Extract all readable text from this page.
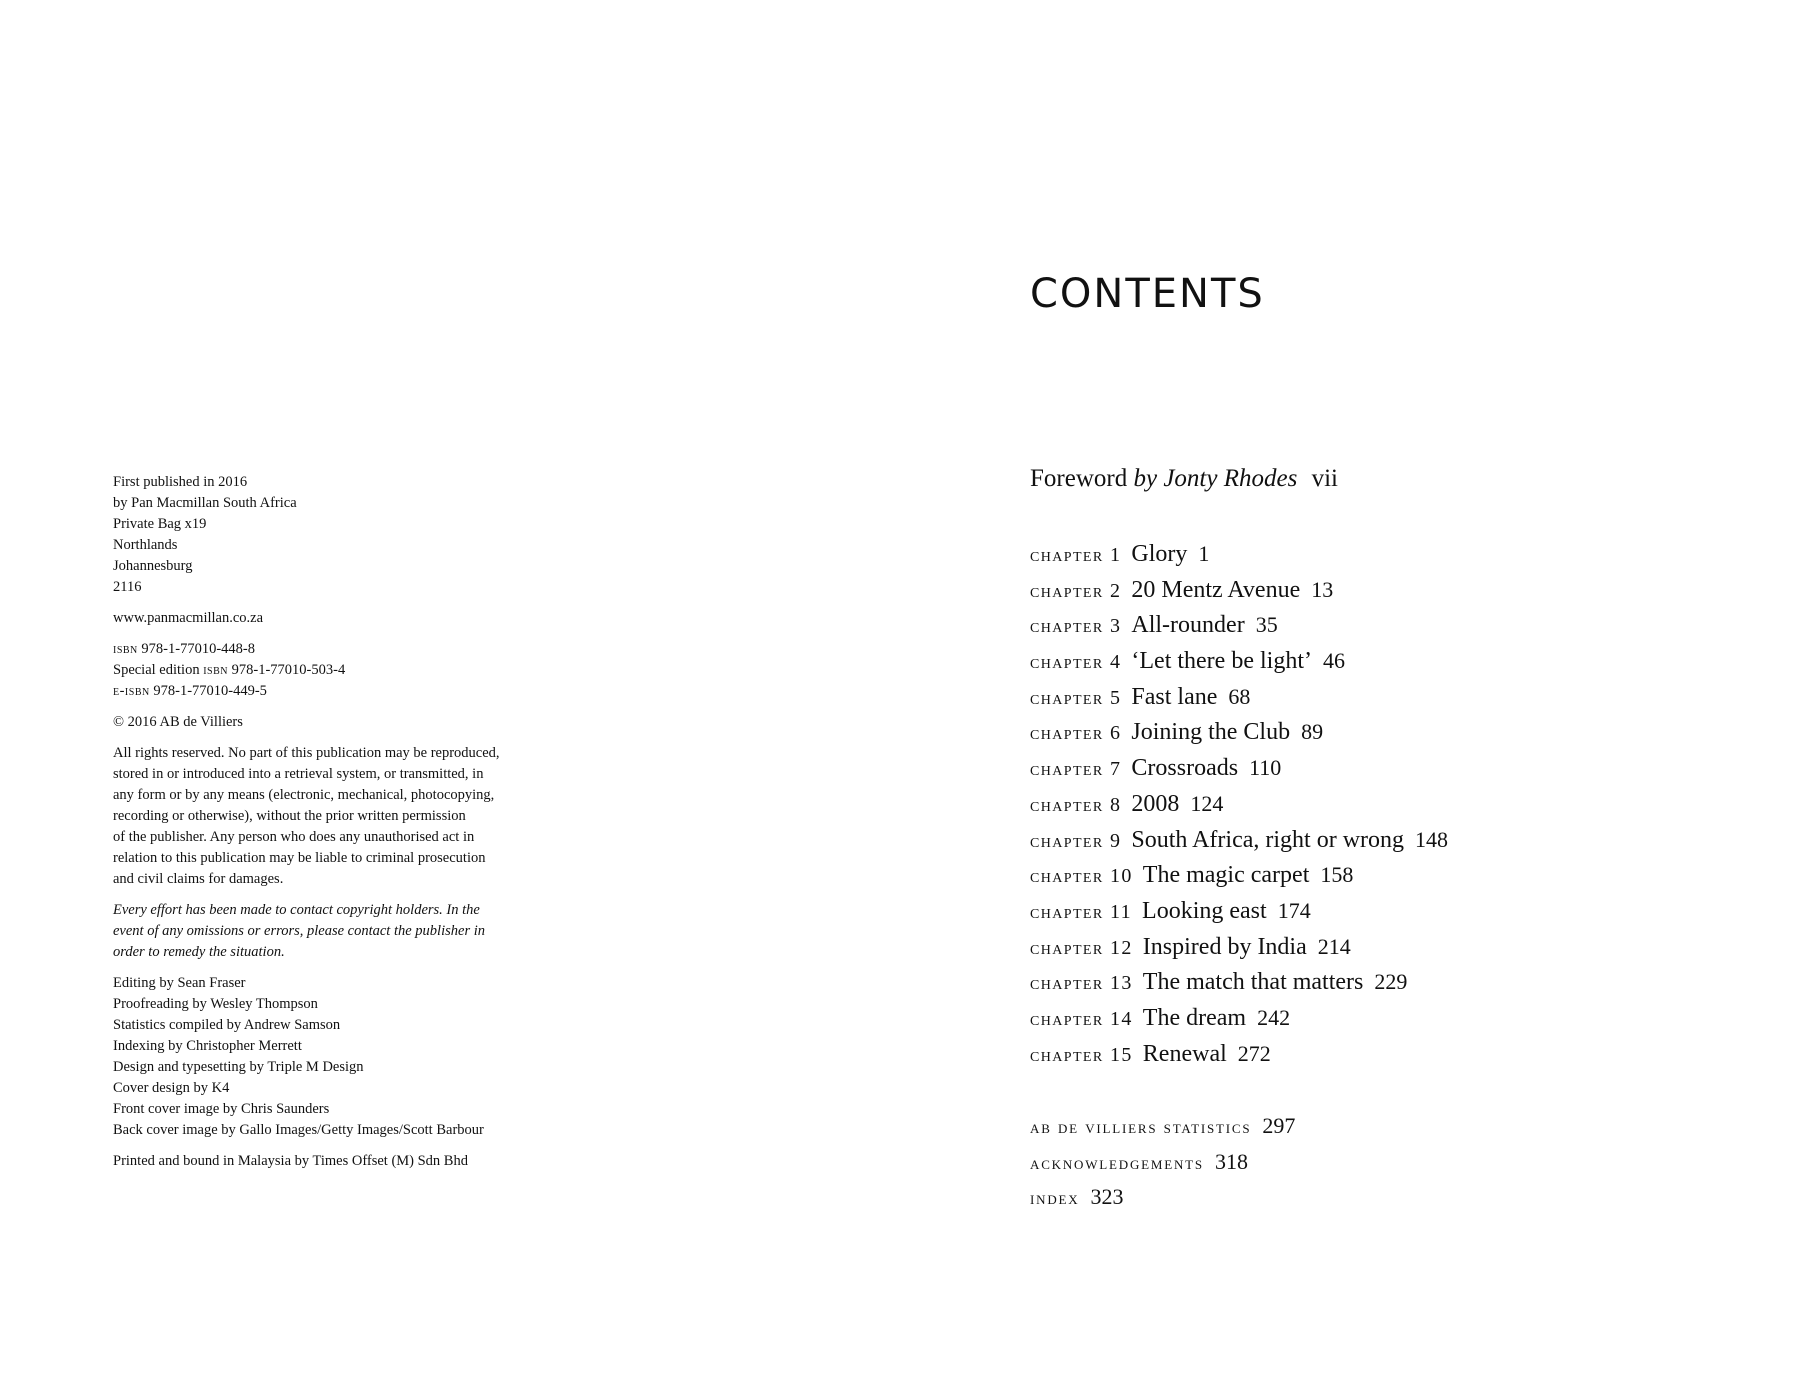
First published in 2016
by Pan Macmillan South Africa
Private Bag x19
Northlands
Johannesburg
2116

www.panmacmillan.co.za

isbn 978-1-77010-448-8
Special edition isbn 978-1-77010-503-4
e-isbn 978-1-77010-449-5

© 2016 AB de Villiers

All rights reserved. No part of this publication may be reproduced,
stored in or introduced into a retrieval system, or transmitted, in
any form or by any means (electronic, mechanical, photocopying,
recording or otherwise), without the prior written permission
of the publisher. Any person who does any unauthorised act in
relation to this publication may be liable to criminal prosecution
and civil claims for damages.

Every effort has been made to contact copyright holders. In the
event of any omissions or errors, please contact the publisher in
order to remedy the situation.

Editing by Sean Fraser
Proofreading by Wesley Thompson
Statistics compiled by Andrew Samson
Indexing by Christopher Merrett
Design and typesetting by Triple M Design
Cover design by K4
Front cover image by Chris Saunders
Back cover image by Gallo Images/Getty Images/Scott Barbour

Printed and bound in Malaysia by Times Offset (M) Sdn Bhd

CONTENTS
Foreword by Jonty Rhodes vii
chapter 1 Glory 1
chapter 2 20 Mentz Avenue 13
chapter 3 All-rounder 35
chapter 4 ‘Let there be light’ 46
chapter 5 Fast lane 68
chapter 6 Joining the Club 89
chapter 7 Crossroads 110
chapter 8 2008 124
chapter 9 South Africa, right or wrong 148
chapter 10 The magic carpet 158
chapter 11 Looking east 174
chapter 12 Inspired by India 214
chapter 13 The match that matters 229
chapter 14 The dream 242
chapter 15 Renewal 272
ab de villiers statistics 297
acknowledgements 318
index 323
